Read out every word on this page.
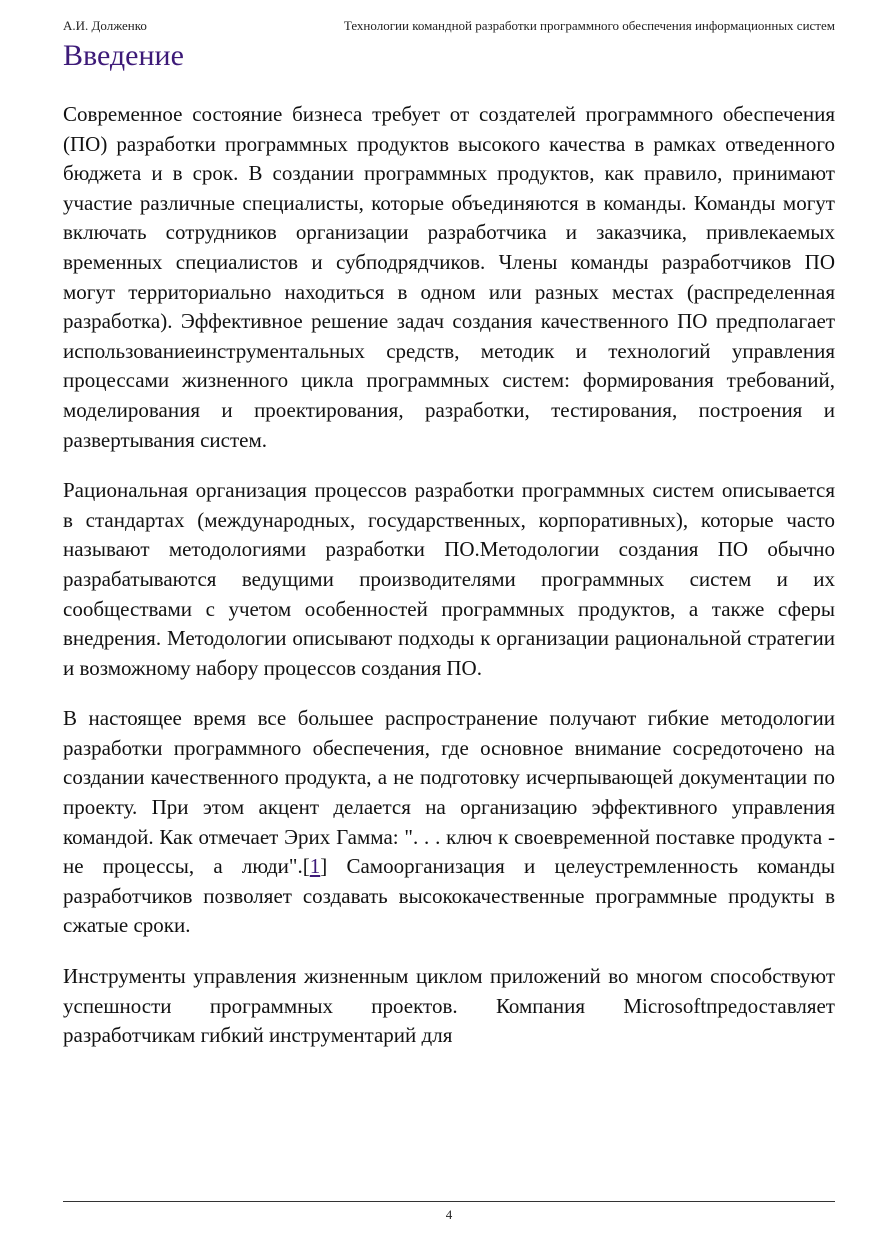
А.И. Долженко	Технологии командной разработки программного обеспечения информационных систем
Введение

Современное состояние бизнеса требует от создателей программного обеспечения (ПО) разработки программных продуктов высокого качества в рамках отведенного бюджета и в срок. В создании программных продуктов, как правило, принимают участие различные специалисты, которые объединяются в команды. Команды могут включать сотрудников организации разработчика и заказчика, привлекаемых временных специалистов и субподрядчиков. Члены команды разработчиков ПО могут территориально находиться в одном или разных местах (распределенная разработка). Эффективное решение задач создания качественного ПО предполагает использованиеинструментальных средств, методик и технологий управления процессами жизненного цикла программных систем: формирования требований, моделирования и проектирования, разработки, тестирования, построения и развертывания систем.

Рациональная организация процессов разработки программных систем описывается в стандартах (международных, государственных, корпоративных), которые часто называют методологиями разработки ПО.Методологии создания ПО обычно разрабатываются ведущими производителями программных систем и их сообществами с учетом особенностей программных продуктов, а также сферы внедрения. Методологии описывают подходы к организации рациональной стратегии и возможному набору процессов создания ПО.

В настоящее время все большее распространение получают гибкие методологии разработки программного обеспечения, где основное внимание сосредоточено на создании качественного продукта, а не подготовку исчерпывающей документации по проекту. При этом акцент делается на организацию эффективного управления командой. Как отмечает Эрих Гамма: ". . . ключ к своевременной поставке продукта - не процессы, а люди".[1] Самоорганизация и целеустремленность команды разработчиков позволяет создавать высококачественные программные продукты в сжатые сроки.

Инструменты управления жизненным циклом приложений во многом способствуют успешности программных проектов. Компания Microsoftпредоставляет разработчикам гибкий инструментарий для

4
